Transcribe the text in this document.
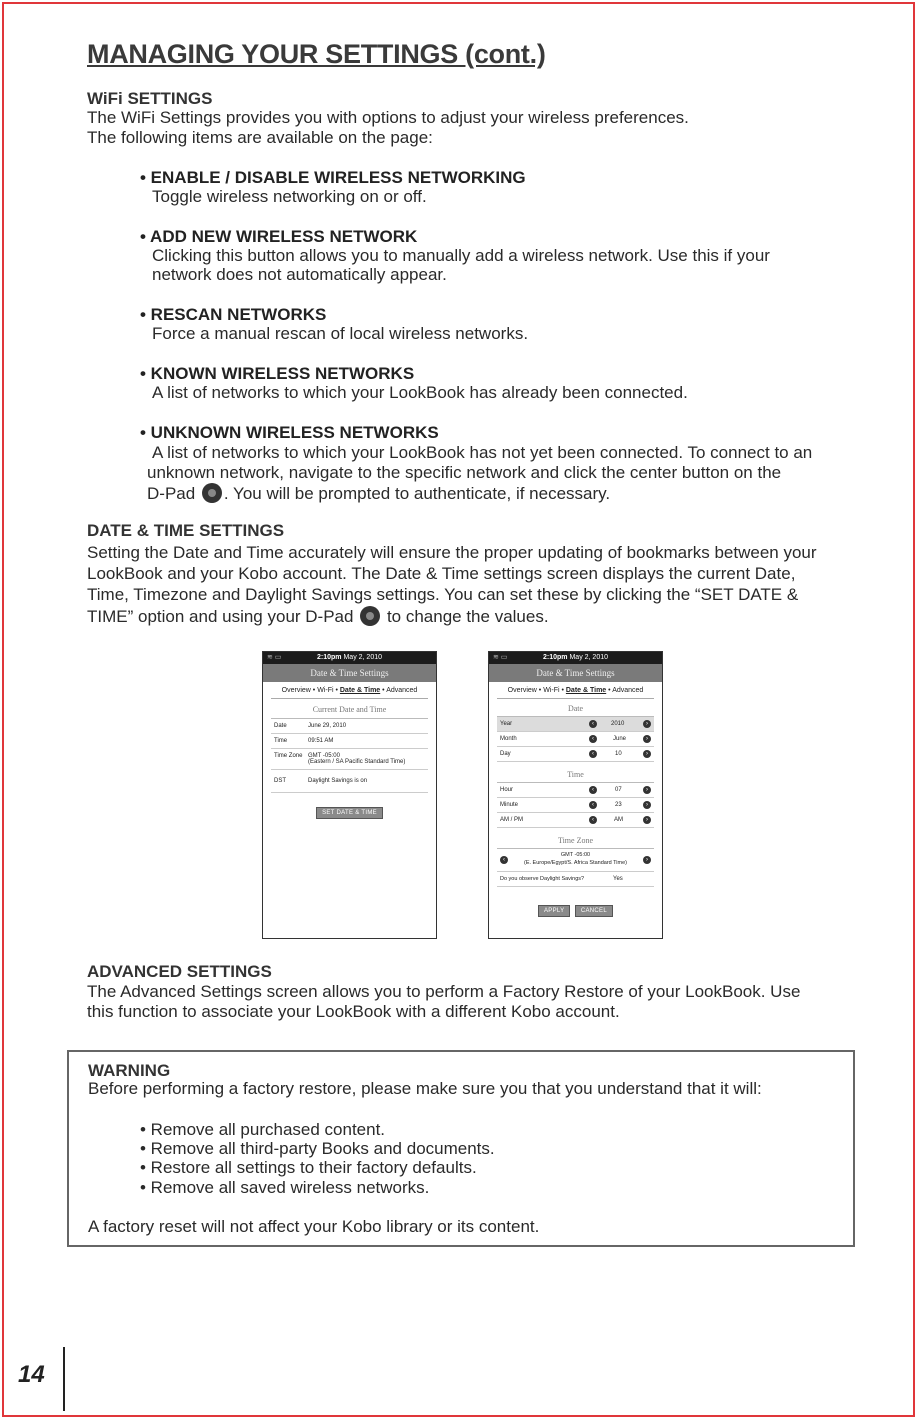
MANAGING YOUR SETTINGS (cont.)
WiFi SETTINGS
The WiFi Settings provides you with options to adjust your wireless preferences.
The following items are available on the page:
• ENABLE / DISABLE WIRELESS NETWORKING
Toggle wireless networking on or off.
• ADD NEW WIRELESS NETWORK
Clicking this button allows you to manually add a wireless network. Use this if your
network does not automatically appear.
• RESCAN NETWORKS
Force a manual rescan of local wireless networks.
• KNOWN WIRELESS NETWORKS
A list of networks to which your LookBook has already been connected.
• UNKNOWN WIRELESS NETWORKS
A list of networks to which your LookBook has not yet been connected. To connect to an
unknown network, navigate to the specific network and click the center button on the
D-Pad . You will be prompted to authenticate, if necessary.
DATE & TIME SETTINGS
Setting the Date and Time accurately will ensure the proper updating of bookmarks between your
LookBook and your Kobo account. The Date & Time settings screen displays the current Date,
Time, Timezone and Daylight Savings settings. You can set these by clicking the “SET DATE &
TIME” option and using your D-Pad to change the values.
≋ ▭	2:10pm May 2, 2010
Date & Time Settings
Overview • Wi-Fi • Date & Time • Advanced
Current Date and Time
Date	June 29, 2010
Time	09:51 AM
Time Zone GMT -05:00
(Eastern / SA Pacific Standard Time)
DST	Daylight Savings is on
SET DATE & TIME
≋ ▭	2:10pm May 2, 2010
Date & Time Settings
Overview • Wi-Fi • Date & Time • Advanced
Date
Year	‹	2010	›
Month	‹	June	›
Day	‹	10	›
Time
Hour	‹	07	›
Minute	‹	23	›
AM / PM	‹	AM	›
Time Zone
‹
GMT -05:00
(E. Europe/Egypt/S. Africa Standard Time)	›
Do you observe Daylight Savings?	Yes
APPLY	CANCEL
ADVANCED SETTINGS
The Advanced Settings screen allows you to perform a Factory Restore of your LookBook. Use
this function to associate your LookBook with a different Kobo account.
WARNING
Before performing a factory restore, please make sure you that you understand that it will:
• Remove all purchased content.
• Remove all third-party Books and documents.
• Restore all settings to their factory defaults.
• Remove all saved wireless networks.
A factory reset will not affect your Kobo library or its content.
14
